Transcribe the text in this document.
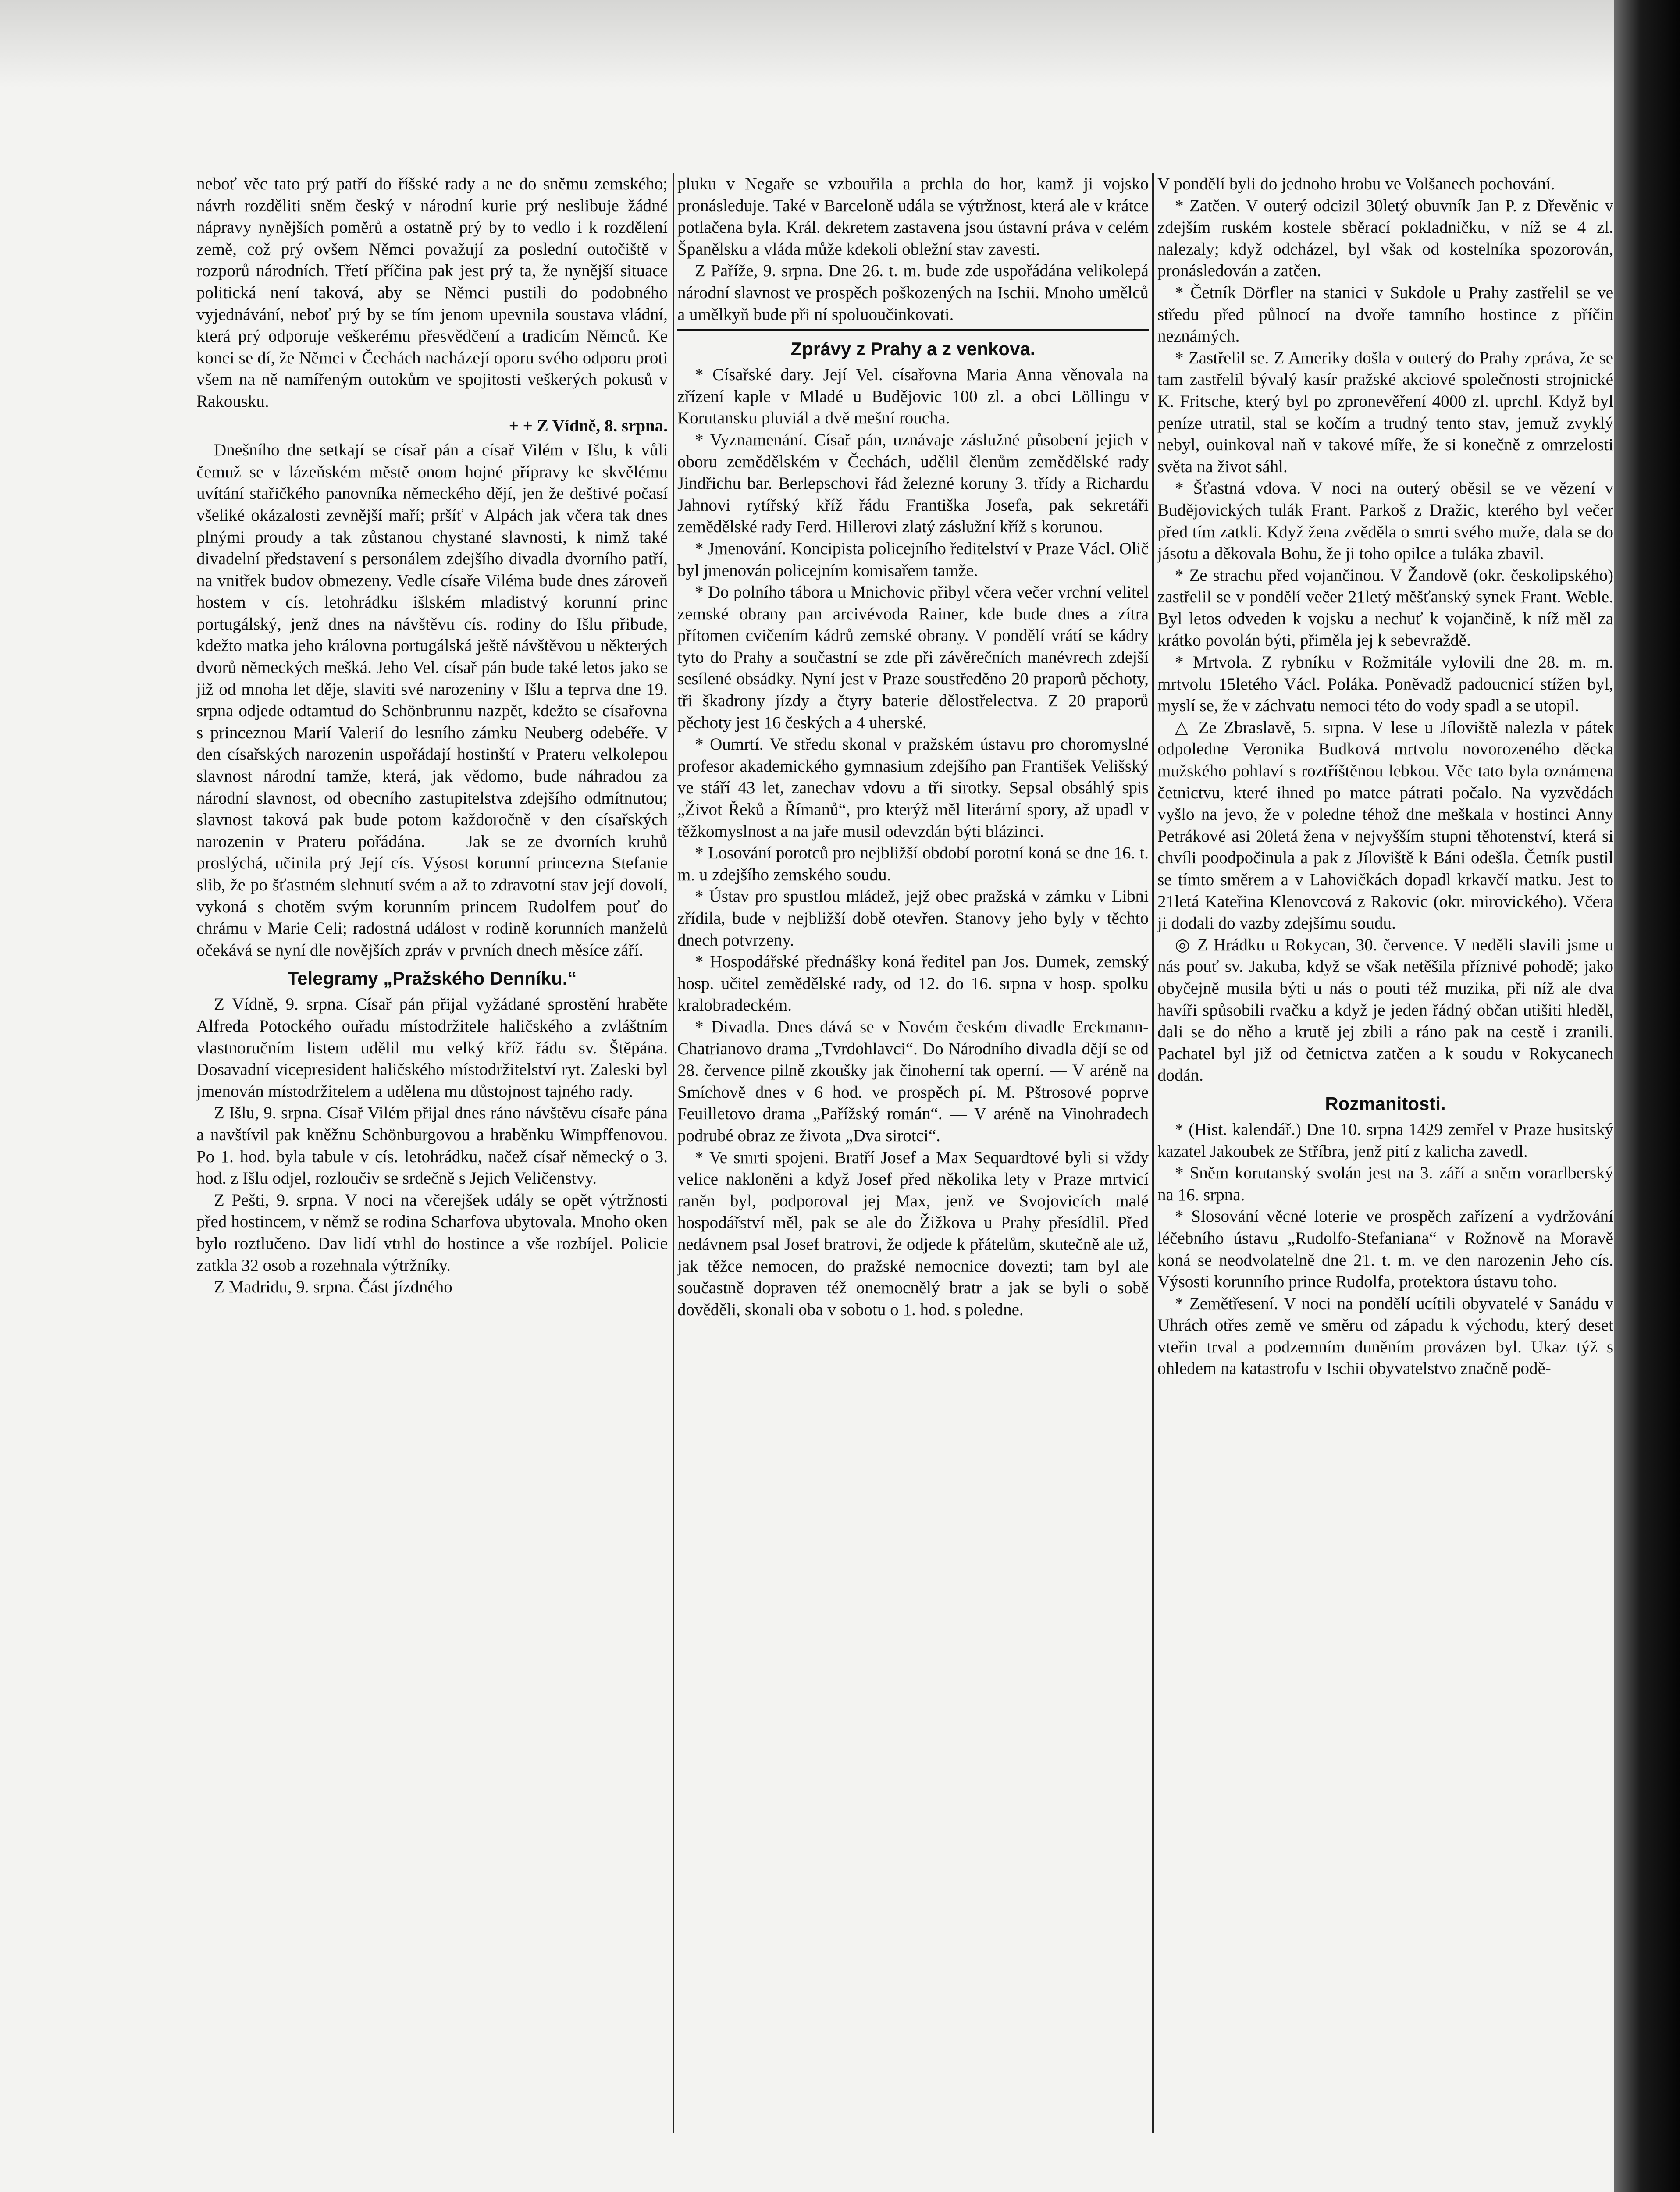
neboť věc tato prý patří do říšské rady a ne do sněmu zemského; návrh rozděliti sněm český v národní kurie prý neslibuje žádné nápravy nynějších poměrů a ostatně prý by to vedlo i k rozdělení země, což prý ovšem Němci považují za poslední outočiště v rozporů národních. Třetí příčina pak jest prý ta, že nynější situace politická není taková, aby se Němci pustili do podobného vyjednávání, neboť prý by se tím jenom upevnila soustava vládní, která prý odporuje veškerému přesvědčení a tradicím Němců. Ke konci se dí, že Němci v Čechách nacházejí oporu svého odporu proti všem na ně namířeným outokům ve spojitosti veškerých pokusů v Rakousku.

+ + Z Vídně, 8. srpna.

Dnešního dne setkají se císař pán a císař Vilém v Išlu, k vůli čemuž se v lázeňském městě onom hojné přípravy ke skvělému uvítání stařičkého panovníka německého dějí, jen že deštivé počasí všeliké okázalosti zevnější maří; pršíť v Alpách jak včera tak dnes plnými proudy a tak zůstanou chystané slavnosti, k nimž také divadelní představení s personálem zdejšího divadla dvorního patří, na vnitřek budov obmezeny. Vedle císaře Viléma bude dnes zároveň hostem v cís. letohrádku išlském mladistvý korunní princ portugálský, jenž dnes na návštěvu cís. rodiny do Išlu přibude, kdežto matka jeho královna portugálská ještě návštěvou u některých dvorů německých mešká. Jeho Vel. císař pán bude také letos jako se již od mnoha let děje, slaviti své narozeniny v Išlu a teprva dne 19. srpna odjede odtamtud do Schönbrunnu nazpět, kdežto se císařovna s princeznou Marií Valerií do lesního zámku Neuberg odebéře. V den císařských narozenin uspořádají hostinští v Prateru velkolepou slavnost národní tamže, která, jak vědomo, bude náhradou za národní slavnost, od obecního zastupitelstva zdejšího odmítnutou; slavnost taková pak bude potom každoročně v den císařských narozenin v Prateru pořádána. — Jak se ze dvorních kruhů proslýchá, učinila prý Její cís. Výsost korunní princezna Stefanie slib, že po šťastném slehnutí svém a až to zdravotní stav její dovolí, vykoná s chotěm svým korunním princem Rudolfem pouť do chrámu v Marie Celi; radostná událost v rodině korunních manželů očekává se nyní dle novějších zpráv v prvních dnech měsíce září.

Telegramy „Pražského Denníku.“

Z Vídně, 9. srpna. Císař pán přijal vyžádané sprostění hraběte Alfreda Potockého ouřadu místodržitele haličského a zvláštním vlastnoručním listem udělil mu velký kříž řádu sv. Štěpána. Dosavadní vicepresident haličského místodržitelství ryt. Zaleski byl jmenován místodržitelem a udělena mu důstojnost tajného rady.

Z Išlu, 9. srpna. Císař Vilém přijal dnes ráno návštěvu císaře pána a navštívil pak kněžnu Schönburgovou a hraběnku Wimpffenovou. Po 1. hod. byla tabule v cís. letohrádku, načež císař německý o 3. hod. z Išlu odjel, rozloučiv se srdečně s Jejich Veličenstvy.

Z Pešti, 9. srpna. V noci na včerejšek udály se opět výtržnosti před hostincem, v němž se rodina Scharfova ubytovala. Mnoho oken bylo roztlučeno. Dav lidí vtrhl do hostince a vše rozbíjel. Policie zatkla 32 osob a rozehnala výtržníky.

Z Madridu, 9. srpna. Část jízdného

pluku v Negaře se vzbouřila a prchla do hor, kamž ji vojsko pronásleduje. Také v Barceloně udála se výtržnost, která ale v krátce potlačena byla. Král. dekretem zastavena jsou ústavní práva v celém Španělsku a vláda může kdekoli obležní stav zavesti.

Z Paříže, 9. srpna. Dne 26. t. m. bude zde uspořádána velikolepá národní slavnost ve prospěch poškozených na Ischii. Mnoho umělců a umělkyň bude při ní spoluoučinkovati.

Zprávy z Prahy a z venkova.

* Císařské dary. Její Vel. císařovna Maria Anna věnovala na zřízení kaple v Mladé u Budějovic 100 zl. a obci Löllingu v Korutansku pluviál a dvě mešní roucha.

* Vyznamenání. Císař pán, uznávaje záslužné působení jejich v oboru zemědělském v Čechách, udělil členům zemědělské rady Jindřichu bar. Berlepschovi řád železné koruny 3. třídy a Richardu Jahnovi rytířský kříž řádu Františka Josefa, pak sekretáři zemědělské rady Ferd. Hillerovi zlatý záslužní kříž s korunou.

* Jmenování. Koncipista policejního ředitelství v Praze Václ. Olič byl jmenován policejním komisařem tamže.

* Do polního tábora u Mnichovic přibyl včera večer vrchní velitel zemské obrany pan arcivévoda Rainer, kde bude dnes a zítra přítomen cvičením kádrů zemské obrany. V pondělí vrátí se kádry tyto do Prahy a součastní se zde při závěrečních manévrech zdejší sesílené obsádky. Nyní jest v Praze soustředěno 20 praporů pěchoty, tři škadrony jízdy a čtyry baterie dělostřelectva. Z 20 praporů pěchoty jest 16 českých a 4 uherské.

* Oumrtí. Ve středu skonal v pražském ústavu pro choromyslné profesor akademického gymnasium zdejšího pan František Velišský ve stáří 43 let, zanechav vdovu a tři sirotky. Sepsal obsáhlý spis „Život Řeků a Římanů“, pro kterýž měl literární spory, až upadl v těžkomyslnost a na jaře musil odevzdán býti blázinci.

* Losování porotců pro nejbližší období porotní koná se dne 16. t. m. u zdejšího zemského soudu.

* Ústav pro spustlou mládež, jejž obec pražská v zámku v Libni zřídila, bude v nejbližší době otevřen. Stanovy jeho byly v těchto dnech potvrzeny.

* Hospodářské přednášky koná ředitel pan Jos. Dumek, zemský hosp. učitel zemědělské rady, od 12. do 16. srpna v hosp. spolku kralobradeckém.

* Divadla. Dnes dává se v Novém českém divadle Erckmann-Chatrianovo drama „Tvrdohlavci“. Do Národního divadla dějí se od 28. července pilně zkoušky jak činoherní tak operní. — V aréně na Smíchově dnes v 6 hod. ve prospěch pí. M. Pštrosové poprve Feuilletovo drama „Pařížský román“. — V aréně na Vinohradech podrubé obraz ze života „Dva sirotci“.

* Ve smrti spojeni. Bratří Josef a Max Sequardtové byli si vždy velice nakloněni a když Josef před několika lety v Praze mrtvicí raněn byl, podporoval jej Max, jenž ve Svojovicích malé hospodářství měl, pak se ale do Žižkova u Prahy přesídlil. Před nedávnem psal Josef bratrovi, že odjede k přátelům, skutečně ale už, jak těžce nemocen, do pražské nemocnice dovezti; tam byl ale součastně dopraven též onemocnělý bratr a jak se byli o sobě dověděli, skonali oba v sobotu o 1. hod. s poledne.

V pondělí byli do jednoho hrobu ve Volšanech pochování.

* Zatčen. V outerý odcizil 30letý obuvník Jan P. z Dřevěnic v zdejším ruském kostele sběrací pokladničku, v níž se 4 zl. nalezaly; když odcházel, byl však od kostelníka spozorován, pronásledován a zatčen.

* Četník Dörfler na stanici v Sukdole u Prahy zastřelil se ve středu před půlnocí na dvoře tamního hostince z příčin neznámých.

* Zastřelil se. Z Ameriky došla v outerý do Prahy zpráva, že se tam zastřelil bývalý kasír pražské akciové společnosti strojnické K. Fritsche, který byl po zpronevěření 4000 zl. uprchl. Když byl peníze utratil, stal se kočím a trudný tento stav, jemuž zvyklý nebyl, ouinkoval naň v takové míře, že si konečně z omrzelosti světa na život sáhl.

* Šťastná vdova. V noci na outerý oběsil se ve vězení v Budějovických tulák Frant. Parkoš z Dražic, kterého byl večer před tím zatkli. Když žena zvěděla o smrti svého muže, dala se do jásotu a děkovala Bohu, že ji toho opilce a tuláka zbavil.

* Ze strachu před vojančinou. V Žandově (okr. českolipského) zastřelil se v pondělí večer 21letý měšťanský synek Frant. Weble. Byl letos odveden k vojsku a nechuť k vojančině, k níž měl za krátko povolán býti, přiměla jej k sebevraždě.

* Mrtvola. Z rybníku v Rožmitále vylovili dne 28. m. m. mrtvolu 15letého Václ. Poláka. Poněvadž padoucnicí stížen byl, myslí se, že v záchvatu nemoci této do vody spadl a se utopil.

△ Ze Zbraslavě, 5. srpna. V lese u Jíloviště nalezla v pátek odpoledne Veronika Budková mrtvolu novorozeného děcka mužského pohlaví s roztříštěnou lebkou. Věc tato byla oznámena četnictvu, které ihned po matce pátrati počalo. Na vyzvědách vyšlo na jevo, že v poledne téhož dne meškala v hostinci Anny Petrákové asi 20letá žena v nejvyšším stupni těhotenství, která si chvíli poodpočinula a pak z Jíloviště k Báni odešla. Četník pustil se tímto směrem a v Lahovičkách dopadl krkavčí matku. Jest to 21letá Kateřina Klenovcová z Rakovic (okr. mirovického). Včera ji dodali do vazby zdejšímu soudu.

◎ Z Hrádku u Rokycan, 30. července. V neděli slavili jsme u nás pouť sv. Jakuba, když se však netěšila příznivé pohodě; jako obyčejně musila býti u nás o pouti též muzika, při níž ale dva havíři spůsobili rvačku a když je jeden řádný občan utišiti hleděl, dali se do něho a krutě jej zbili a ráno pak na cestě i zranili. Pachatel byl již od četnictva zatčen a k soudu v Rokycanech dodán.

Rozmanitosti.

* (Hist. kalendář.) Dne 10. srpna 1429 zemřel v Praze husitský kazatel Jakoubek ze Stříbra, jenž pití z kalicha zavedl.

* Sněm korutanský svolán jest na 3. září a sněm vorarlberský na 16. srpna.

* Slosování věcné loterie ve prospěch zařízení a vydržování léčebního ústavu „Rudolfo-Stefaniana“ v Rožnově na Moravě koná se neodvolatelně dne 21. t. m. ve den narozenin Jeho cís. Výsosti korunního prince Rudolfa, protektora ústavu toho.

* Zemětřesení. V noci na pondělí ucítili obyvatelé v Sanádu v Uhrách otřes země ve směru od západu k východu, který deset vteřin trval a podzemním duněním provázen byl. Ukaz týž s ohledem na katastrofu v Ischii obyvatelstvo značně podě-
